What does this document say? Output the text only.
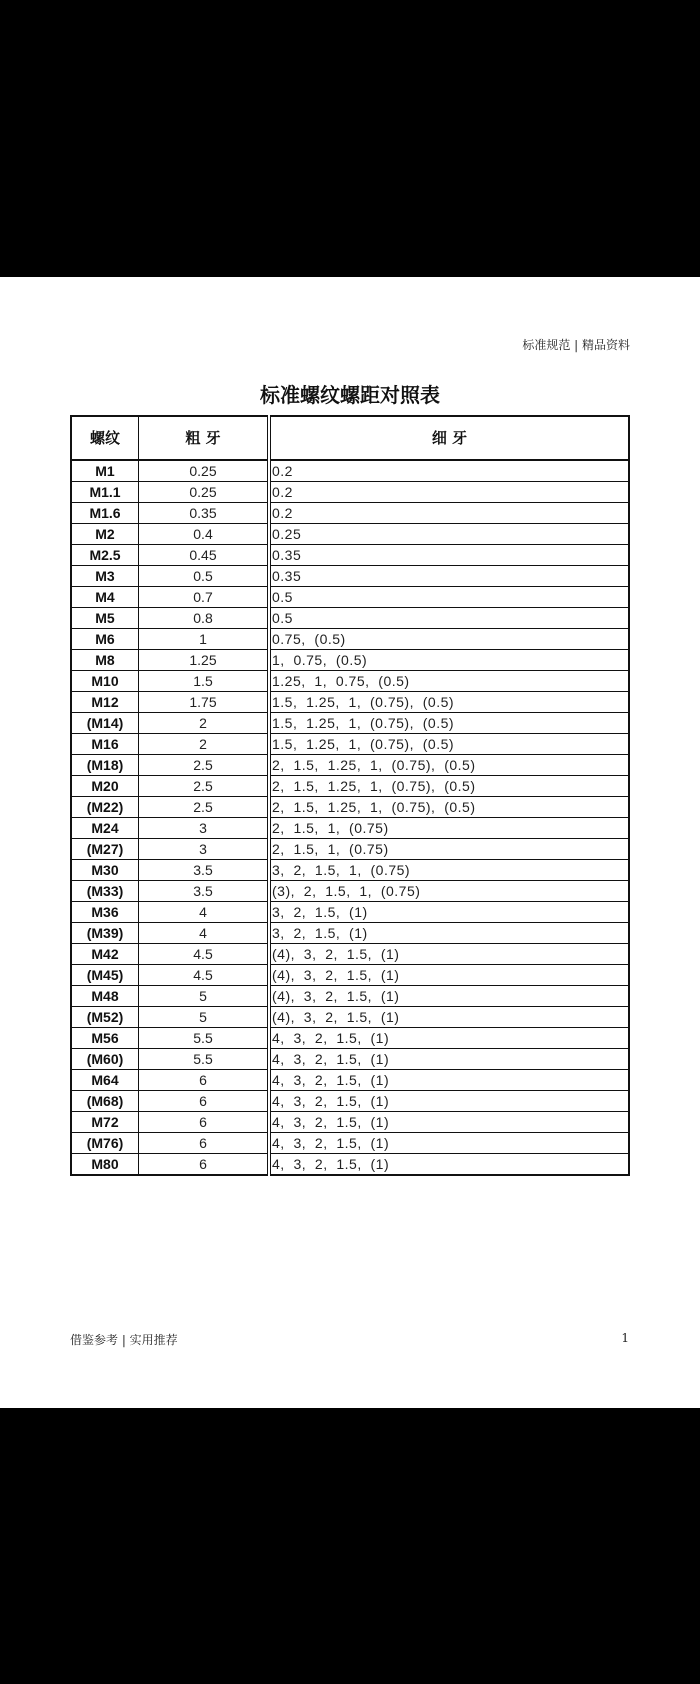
标准规范 | 精品资料
标准螺纹螺距对照表
螺纹	粗 牙	细 牙
M1	0.25	0.2
M1.1	0.25	0.2
M1.6	0.35	0.2
M2	0.4	0.25
M2.5	0.45	0.35
M3	0.5	0.35
M4	0.7	0.5
M5	0.8	0.5
M6	1	0.75,  (0.5)
M8	1.25	1,  0.75,  (0.5)
M10	1.5	1.25,  1,  0.75,  (0.5)
M12	1.75	1.5,  1.25,  1,  (0.75),  (0.5)
(M14)	2	1.5,  1.25,  1,  (0.75),  (0.5)
M16	2	1.5,  1.25,  1,  (0.75),  (0.5)
(M18)	2.5	2,  1.5,  1.25,  1,  (0.75),  (0.5)
M20	2.5	2,  1.5,  1.25,  1,  (0.75),  (0.5)
(M22)	2.5	2,  1.5,  1.25,  1,  (0.75),  (0.5)
M24	3	2,  1.5,  1,  (0.75)
(M27)	3	2,  1.5,  1,  (0.75)
M30	3.5	3,  2,  1.5,  1,  (0.75)
(M33)	3.5	(3),  2,  1.5,  1,  (0.75)
M36	4	3,  2,  1.5,  (1)
(M39)	4	3,  2,  1.5,  (1)
M42	4.5	(4),  3,  2,  1.5,  (1)
(M45)	4.5	(4),  3,  2,  1.5,  (1)
M48	5	(4),  3,  2,  1.5,  (1)
(M52)	5	(4),  3,  2,  1.5,  (1)
M56	5.5	4,  3,  2,  1.5,  (1)
(M60)	5.5	4,  3,  2,  1.5,  (1)
M64	6	4,  3,  2,  1.5,  (1)
(M68)	6	4,  3,  2,  1.5,  (1)
M72	6	4,  3,  2,  1.5,  (1)
(M76)	6	4,  3,  2,  1.5,  (1)
M80	6	4,  3,  2,  1.5,  (1)
借鉴参考 | 实用推荐	1
